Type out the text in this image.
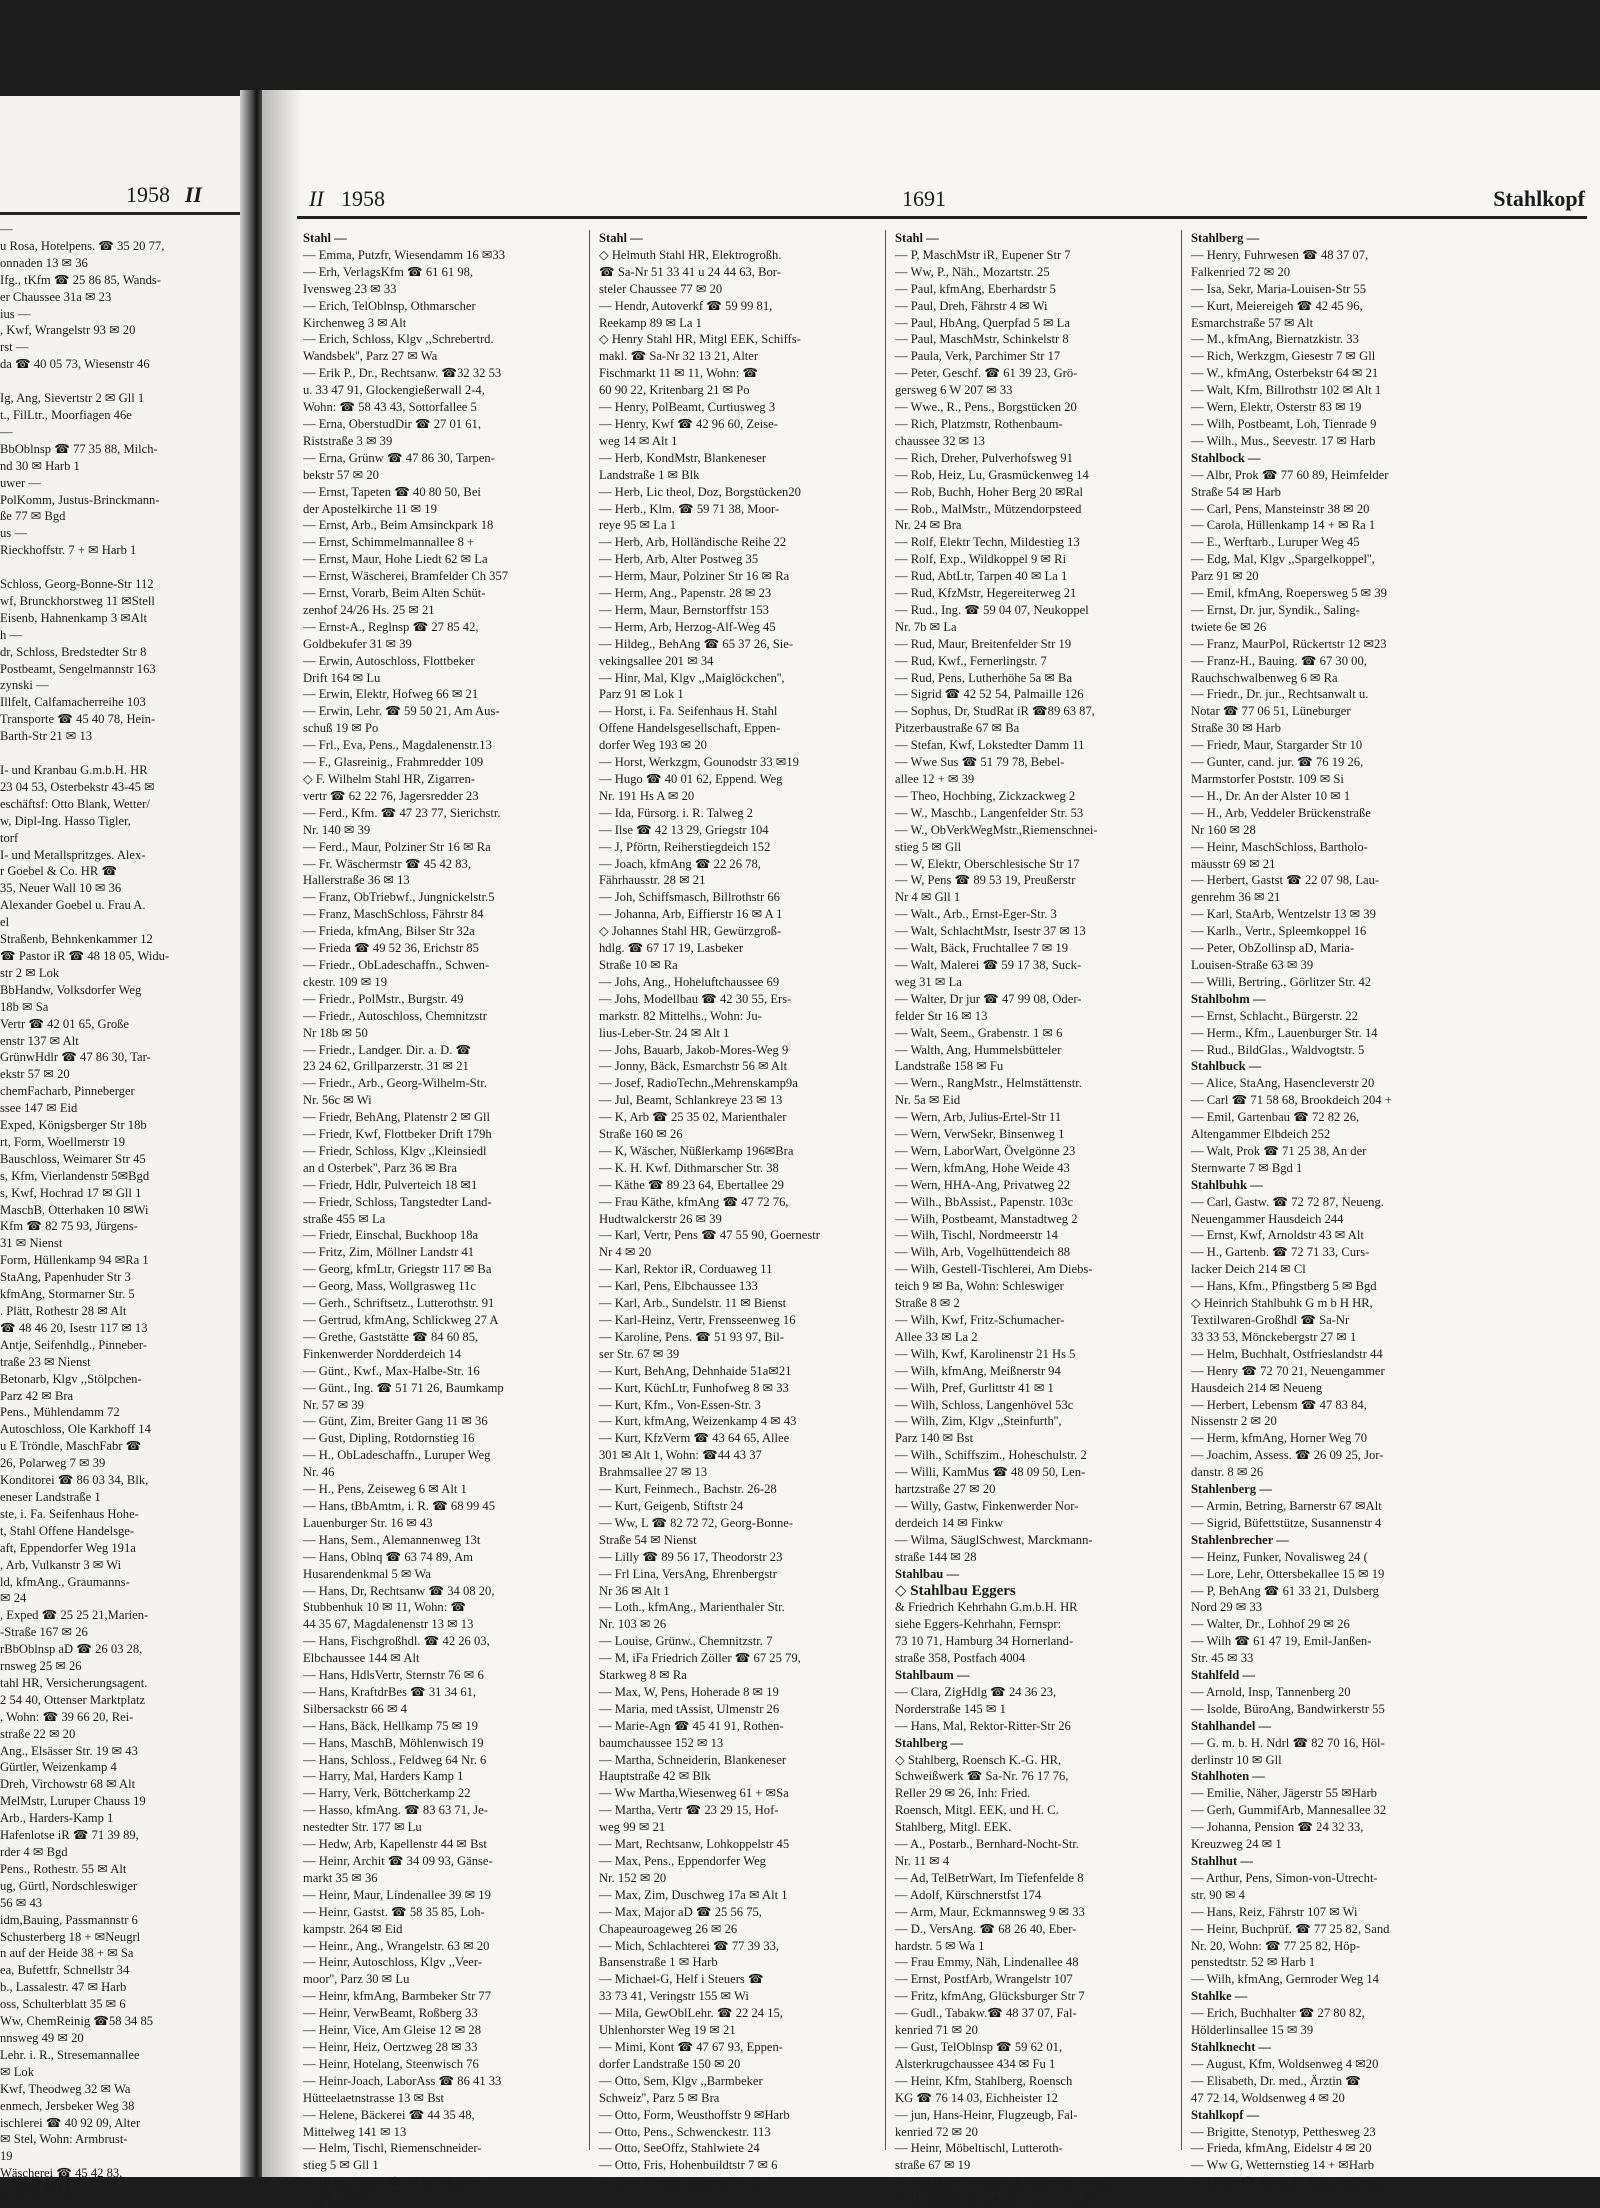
1958 II
—
u Rosa, Hotelpens. ☎ 35 20 77,
onnaden 13 ✉ 36
Ifg., tKfm ☎ 25 86 85, Wands-
er Chaussee 31a ✉ 23
ius —
, Kwf, Wrangelstr 93 ✉ 20
rst —
da ☎ 40 05 73, Wiesenstr 46

Ig, Ang, Sievertstr 2 ✉ Gll 1
t., FilLtr., Moorfiagen 46e
—
BbOblnsp ☎ 77 35 88, Milch-
nd 30 ✉ Harb 1
uwer —
PolKomm, Justus-Brinckmann-
ße 77 ✉ Bgd
us —
Rieckhoffstr. 7 + ✉ Harb 1

Schloss, Georg-Bonne-Str 112
wf, Brunckhorstweg 11 ✉Stell
Eisenb, Hahnenkamp 3 ✉Alt
h —
dr, Schloss, Bredstedter Str 8
Postbeamt, Sengelmannstr 163
zynski —
Illfelt, Calfamacherreihe 103
Transporte ☎ 45 40 78, Hein-
Barth-Str 21 ✉ 13

I- und Kranbau G.m.b.H. HR
23 04 53, Osterbekstr 43-45 ✉
eschäftsf: Otto Blank, Wetter/
w, Dipl-Ing. Hasso Tigler,
torf
I- und Metallspritzges. Alex-
r Goebel & Co. HR ☎
35, Neuer Wall 10 ✉ 36
Alexander Goebel u. Frau A.
el
Straßenb, Behnkenkammer 12
☎ Pastor iR ☎ 48 18 05, Widu-
str 2 ✉ Lok
BbHandw, Volksdorfer Weg
18b ✉ Sa
Vertr ☎ 42 01 65, Große
enstr 137 ✉ Alt
GrünwHdlr ☎ 47 86 30, Tar-
ekstr 57 ✉ 20
chemFacharb, Pinneberger
ssee 147 ✉ Eid
Exped, Königsberger Str 18b
rt, Form, Woellmerstr 19
Bauschloss, Weimarer Str 45
s, Kfm, Vierlandenstr 5✉Bgd
s, Kwf, Hochrad 17 ✉ Gll 1
MaschB, Otterhaken 10 ✉Wi
Kfm ☎ 82 75 93, Jürgens-
31 ✉ Nienst
Form, Hüllenkamp 94 ✉Ra 1
StaAng, Papenhuder Str 3
kfmAng, Stormarner Str. 5
. Plätt, Rothestr 28 ✉ Alt
☎ 48 46 20, Isestr 117 ✉ 13
Antje, Seifenhdlg., Pinneber-
traße 23 ✉ Nienst
Betonarb, Klgv ,,Stölpchen-
Parz 42 ✉ Bra
Pens., Mühlendamm 72
Autoschloss, Ole Karkhoff 14
u E Tröndle, MaschFabr ☎
26, Polarweg 7 ✉ 39
Konditorei ☎ 86 03 34, Blk,
eneser Landstraße 1
ste, i. Fa. Seifenhaus Hohe-
t, Stahl Offene Handelsge-
aft, Eppendorfer Weg 191a
, Arb, Vulkanstr 3 ✉ Wi
ld, kfmAng., Graumanns-
✉ 24
, Exped ☎ 25 25 21,Marien-
-Straße 167 ✉ 26
rBbOblnsp aD ☎ 26 03 28,
rnsweg 25 ✉ 26
tahl HR, Versicherungsagent.
2 54 40, Ottenser Marktplatz
, Wohn: ☎ 39 66 20, Rei-
straße 22 ✉ 20
Ang., Elsässer Str. 19 ✉ 43
Gürtler, Weizenkamp 4
Dreh, Virchowstr 68 ✉ Alt
MelMstr, Luruper Chauss 19
Arb., Harders-Kamp 1
Hafenlotse iR ☎ 71 39 89,
rder 4 ✉ Bgd
Pens., Rothestr. 55 ✉ Alt
ug, Gürtl, Nordschleswiger
56 ✉ 43
idm,Bauing, Passmannstr 6
Schusterberg 18 + ✉Neugrl
n auf der Heide 38 + ✉ Sa
ea, Bufettfr, Schnellstr 34
b., Lassalestr. 47 ✉ Harb
oss, Schulterblatt 35 ✉ 6
Ww, ChemReinig ☎58 34 85
nnsweg 49 ✉ 20
Lehr. i. R., Stresemannallee
✉ Lok
Kwf, Theodweg 32 ✉ Wa
enmech, Jersbeker Weg 38
ischlerei ☎ 40 92 09, Alter
✉ Stel, Wohn: Armbrust-
19
Wäscherei ☎ 45 42 83,
traße 36 ✉ 13
II 1958	1691	Stahlkopf
Stahl —
— Emma, Putzfr, Wiesendamm 16 ✉33
— Erh, VerlagsKfm ☎ 61 61 98,
Ivensweg 23 ✉ 33
— Erich, TelOblnsp, Othmarscher
Kirchenweg 3 ✉ Alt
— Erich, Schloss, Klgv ,,Schrebertrd.
Wandsbek'', Parz 27 ✉ Wa
— Erik P., Dr., Rechtsanw. ☎32 32 53
u. 33 47 91, Glockengießerwall 2-4,
Wohn: ☎ 58 43 43, Sottorfallee 5
— Erna, OberstudDir ☎ 27 01 61,
Riststraße 3 ✉ 39
— Erna, Grünw ☎ 47 86 30, Tarpen-
bekstr 57 ✉ 20
— Ernst, Tapeten ☎ 40 80 50, Bei
der Apostelkirche 11 ✉ 19
— Ernst, Arb., Beim Amsinckpark 18
— Ernst, Schimmelmannallee 8 +
— Ernst, Maur, Hohe Liedt 62 ✉ La
— Ernst, Wäscherei, Bramfelder Ch 357
— Ernst, Vorarb, Beim Alten Schüt-
zenhof 24/26 Hs. 25 ✉ 21
— Ernst-A., Reglnsp ☎ 27 85 42,
Goldbekufer 31 ✉ 39
— Erwin, Autoschloss, Flottbeker
Drift 164 ✉ Lu
— Erwin, Elektr, Hofweg 66 ✉ 21
— Erwin, Lehr. ☎ 59 50 21, Am Aus-
schuß 19 ✉ Po
— Frl., Eva, Pens., Magdalenenstr.13
— F., Glasreinig., Frahmredder 109
◇ F. Wilhelm Stahl HR, Zigarren-
vertr ☎ 62 22 76, Jagersredder 23
— Ferd., Kfm. ☎ 47 23 77, Sierichstr.
Nr. 140 ✉ 39
— Ferd., Maur, Polziner Str 16 ✉ Ra
— Fr. Wäschermstr ☎ 45 42 83,
Hallerstraße 36 ✉ 13
— Franz, ObTriebwf., Jungnickelstr.5
— Franz, MaschSchloss, Fährstr 84
— Frieda, kfmAng, Bilser Str 32a
— Frieda ☎ 49 52 36, Erichstr 85
— Friedr., ObLadeschaffn., Schwen-
ckestr. 109 ✉ 19
— Friedr., PolMstr., Burgstr. 49
— Friedr., Autoschloss, Chemnitzstr
Nr 18b ✉ 50
— Friedr., Landger. Dir. a. D. ☎
23 24 62, Grillparzerstr. 31 ✉ 21
— Friedr., Arb., Georg-Wilhelm-Str.
Nr. 56c ✉ Wi
— Friedr, BehAng, Platenstr 2 ✉ Gll
— Friedr, Kwf, Flottbeker Drift 179h
— Friedr, Schloss, Klgv ,,Kleinsiedl
an d Osterbek'', Parz 36 ✉ Bra
— Friedr, Hdlr, Pulverteich 18 ✉1
— Friedr, Schloss, Tangstedter Land-
straße 455 ✉ La
— Friedr, Einschal, Buckhoop 18a
— Fritz, Zim, Möllner Landstr 41
— Georg, kfmLtr, Griegstr 117 ✉ Ba
— Georg, Mass, Wollgrasweg 11c
— Gerh., Schriftsetz., Lutterothstr. 91
— Gertrud, kfmAng, Schlickweg 27 A
— Grethe, Gaststätte ☎ 84 60 85,
Finkenwerder Nordderdeich 14
— Günt., Kwf., Max-Halbe-Str. 16
— Günt., Ing. ☎ 51 71 26, Baumkamp
Nr. 57 ✉ 39
— Günt, Zim, Breiter Gang 11 ✉ 36
— Gust, Dipling, Rotdornstieg 16
— H., ObLadeschaffn., Luruper Weg
Nr. 46
— H., Pens, Zeiseweg 6 ✉ Alt 1
— Hans, tBbAmtm, i. R. ☎ 68 99 45
Lauenburger Str. 16 ✉ 43
— Hans, Sem., Alemannenweg 13t
— Hans, Oblnq ☎ 63 74 89, Am
Husarendenkmal 5 ✉ Wa
— Hans, Dr, Rechtsanw ☎ 34 08 20,
Stubbenhuk 10 ✉ 11, Wohn: ☎
44 35 67, Magdalenenstr 13 ✉ 13
— Hans, Fischgroßhdl. ☎ 42 26 03,
Elbchaussee 144 ✉ Alt
— Hans, HdlsVertr, Sternstr 76 ✉ 6
— Hans, KraftdrBes ☎ 31 34 61,
Silbersackstr 66 ✉ 4
— Hans, Bäck, Hellkamp 75 ✉ 19
— Hans, MaschB, Möhlenwisch 19
— Hans, Schloss., Feldweg 64 Nr. 6
— Harry, Mal, Harders Kamp 1
— Harry, Verk, Böttcherkamp 22
— Hasso, kfmAng. ☎ 83 63 71, Je-
nestedter Str. 177 ✉ Lu
— Hedw, Arb, Kapellenstr 44 ✉ Bst
— Heinr, Archit ☎ 34 09 93, Gänse-
markt 35 ✉ 36
— Heinr, Maur, Lindenallee 39 ✉ 19
— Heinr, Gastst. ☎ 58 35 85, Loh-
kampstr. 264 ✉ Eid
— Heinr., Ang., Wrangelstr. 63 ✉ 20
— Heinr, Autoschloss, Klgv ,,Veer-
moor'', Parz 30 ✉ Lu
— Heinr, kfmAng, Barmbeker Str 77
— Heinr, VerwBeamt, Roßberg 33
— Heinr, Vice, Am Gleise 12 ✉ 28
— Heinr, Heiz, Oertzweg 28 ✉ 33
— Heinr, Hotelang, Steenwisch 76
— Heinr-Joach, LaborAss ☎ 86 41 33
Hütteelaetnstrasse 13 ✉ Bst
— Helene, Bäckerei ☎ 44 35 48,
Mittelweg 141 ✉ 13
— Helm, Tischl, Riemenschneider-
stieg 5 ✉ Gll 1
— Helm, Tischl ☎ 47 82 34, Rain-
weg 6 ✉ 20
Stahl —
◇ Helmuth Stahl HR, Elektrogroßh.
☎ Sa-Nr 51 33 41 u 24 44 63, Bor-
steler Chaussee 77 ✉ 20
— Hendr, Autoverkf ☎ 59 99 81,
Reekamp 89 ✉ La 1
◇ Henry Stahl HR, Mitgl EEK, Schiffs-
makl. ☎ Sa-Nr 32 13 21, Alter
Fischmarkt 11 ✉ 11, Wohn: ☎
60 90 22, Kritenbarg 21 ✉ Po
— Henry, PolBeamt, Curtiusweg 3
— Henry, Kwf ☎ 42 96 60, Zeise-
weg 14 ✉ Alt 1
— Herb, KondMstr, Blankeneser
Landstraße 1 ✉ Blk
— Herb, Lic theol, Doz, Borgstücken20
— Herb., Klm. ☎ 59 71 38, Moor-
reye 95 ✉ La 1
— Herb, Arb, Holländische Reihe 22
— Herb, Arb, Alter Postweg 35
— Herm, Maur, Polziner Str 16 ✉ Ra
— Herm, Ang., Papenstr. 28 ✉ 23
— Herm, Maur, Bernstorffstr 153
— Herm, Arb, Herzog-Alf-Weg 45
— Hildeg., BehAng ☎ 65 37 26, Sie-
vekingsallee 201 ✉ 34
— Hinr, Mal, Klgv ,,Maiglöckchen'',
Parz 91 ✉ Lok 1
— Horst, i. Fa. Seifenhaus H. Stahl
Offene Handelsgesellschaft, Eppen-
dorfer Weg 193 ✉ 20
— Horst, Werkzgm, Gounodstr 33 ✉19
— Hugo ☎ 40 01 62, Eppend. Weg
Nr. 191 Hs A ✉ 20
— Ida, Fürsorg. i. R. Talweg 2
— Ilse ☎ 42 13 29, Griegstr 104
— J, Pförtn, Reiherstiegdeich 152
— Joach, kfmAng ☎ 22 26 78,
Fährhausstr. 28 ✉ 21
— Joh, Schiffsmasch, Billrothstr 66
— Johanna, Arb, Eiffierstr 16 ✉ A 1
◇ Johannes Stahl HR, Gewürzgroß-
hdlg. ☎ 67 17 19, Lasbeker
Straße 10 ✉ Ra
— Johs, Ang., Hoheluftchaussee 69
— Johs, Modellbau ☎ 42 30 55, Ers-
markstr. 82 Mittelhs., Wohn: Ju-
lius-Leber-Str. 24 ✉ Alt 1
— Johs, Bauarb, Jakob-Mores-Weg 9
— Jonny, Bäck, Esmarchstr 56 ✉ Alt
— Josef, RadioTechn.,Mehrenskamp9a
— Jul, Beamt, Schlankreye 23 ✉ 13
— K, Arb ☎ 25 35 02, Marienthaler
Straße 160 ✉ 26
— K, Wäscher, Nüßlerkamp 196✉Bra
— K. H. Kwf. Dithmarscher Str. 38
— Käthe ☎ 89 23 64, Ebertallee 29
— Frau Käthe, kfmAng ☎ 47 72 76,
Hudtwalckerstr 26 ✉ 39
— Karl, Vertr, Pens ☎ 47 55 90, Goernestr
Nr 4 ✉ 20
— Karl, Rektor iR, Corduaweg 11
— Karl, Pens, Elbchaussee 133
— Karl, Arb., Sundelstr. 11 ✉ Bienst
— Karl-Heinz, Vertr, Frensseenweg 16
— Karoline, Pens. ☎ 51 93 97, Bil-
ser Str. 67 ✉ 39
— Kurt, BehAng, Dehnhaide 51a✉21
— Kurt, KüchLtr, Funhofweg 8 ✉ 33
— Kurt, Kfm., Von-Essen-Str. 3
— Kurt, kfmAng, Weizenkamp 4 ✉ 43
— Kurt, KfzVerm ☎ 43 64 65, Allee
301 ✉ Alt 1, Wohn: ☎44 43 37
Brahmsallee 27 ✉ 13
— Kurt, Feinmech., Bachstr. 26-28
— Kurt, Geigenb, Stiftstr 24
— Ww, L ☎ 82 72 72, Georg-Bonne-
Straße 54 ✉ Nienst
— Lilly ☎ 89 56 17, Theodorstr 23
— Frl Lina, VersAng, Ehrenbergstr
Nr 36 ✉ Alt 1
— Loth., kfmAng., Marienthaler Str.
Nr. 103 ✉ 26
— Louise, Grünw., Chemnitzstr. 7
— M, iFa Friedrich Zöller ☎ 67 25 79,
Starkweg 8 ✉ Ra
— Max, W, Pens, Hoherade 8 ✉ 19
— Maria, med tAssist, Ulmenstr 26
— Marie-Agn ☎ 45 41 91, Rothen-
baumchaussee 152 ✉ 13
— Martha, Schneiderin, Blankeneser
Hauptstraße 42 ✉ Blk
— Ww Martha,Wiesenweg 61 + ✉Sa
— Martha, Vertr ☎ 23 29 15, Hof-
weg 99 ✉ 21
— Mart, Rechtsanw, Lohkoppelstr 45
— Max, Pens., Eppendorfer Weg
Nr. 152 ✉ 20
— Max, Zim, Duschweg 17a ✉ Alt 1
— Max, Major aD ☎ 25 56 75,
Chapeauroageweg 26 ✉ 26
— Mich, Schlachterei ☎ 77 39 33,
Bansenstraße 1 ✉ Harb
— Michael-G, Helf i Steuers ☎
33 73 41, Veringstr 155 ✉ Wi
— Mila, GewOblLehr. ☎ 22 24 15,
Uhlenhorster Weg 19 ✉ 21
— Mimi, Kont ☎ 47 67 93, Eppen-
dorfer Landstraße 150 ✉ 20
— Otto, Sem, Klgv ,,Barmbeker
Schweiz'', Parz 5 ✉ Bra
— Otto, Form, Weusthoffstr 9 ✉Harb
— Otto, Pens., Schwenckestr. 113
— Otto, SeeOffz, Stahlwiete 24
— Otto, Fris, Hohenbuildtstr 7 ✉ 6
— Otto, Stauerv, Hoctenaustr 2 +
Stahl —
— P, MaschMstr iR, Eupener Str 7
— Ww, P., Näh., Mozartstr. 25
— Paul, kfmAng, Eberhardstr 5
— Paul, Dreh, Fährstr 4 ✉ Wi
— Paul, HbAng, Querpfad 5 ✉ La
— Paul, MaschMstr, Schinkelstr 8
— Paula, Verk, Parchimer Str 17
— Peter, Geschf. ☎ 61 39 23, Grö-
gersweg 6 W 207 ✉ 33
— Wwe., R., Pens., Borgstücken 20
— Rich, Platzmstr, Rothenbaum-
chaussee 32 ✉ 13
— Rich, Dreher, Pulverhofsweg 91
— Rob, Heiz, Lu, Grasmückenweg 14
— Rob, Buchh, Hoher Berg 20 ✉Ral
— Rob., MalMstr., Mützendorpsteed
Nr. 24 ✉ Bra
— Rolf, Elektr Techn, Mildestieg 13
— Rolf, Exp., Wildkoppel 9 ✉ Ri
— Rud, AbtLtr, Tarpen 40 ✉ La 1
— Rud, KfzMstr, Hegereiterweg 21
— Rud., Ing. ☎ 59 04 07, Neukoppel
Nr. 7b ✉ La
— Rud, Maur, Breitenfelder Str 19
— Rud, Kwf., Fernerlingstr. 7
— Rud, Pens, Lutherhöhe 5a ✉ Ba
— Sigrid ☎ 42 52 54, Palmaille 126
— Sophus, Dr, StudRat iR ☎89 63 87,
Pitzerbaustraße 67 ✉ Ba
— Stefan, Kwf, Lokstedter Damm 11
— Wwe Sus ☎ 51 79 78, Bebel-
allee 12 + ✉ 39
— Theo, Hochbing, Zickzackweg 2
— W., Maschb., Langenfelder Str. 53
— W., ObVerkWegMstr.,Riemenschnei-
stieg 5 ✉ Gll
— W, Elektr, Oberschlesische Str 17
— W, Pens ☎ 89 53 19, Preußerstr
Nr 4 ✉ Gll 1
— Walt., Arb., Ernst-Eger-Str. 3
— Walt, SchlachtMstr, Isestr 37 ✉ 13
— Walt, Bäck, Fruchtallee 7 ✉ 19
— Walt, Malerei ☎ 59 17 38, Suck-
weg 31 ✉ La
— Walter, Dr jur ☎ 47 99 08, Oder-
felder Str 16 ✉ 13
— Walt, Seem., Grabenstr. 1 ✉ 6
— Walth, Ang, Hummelsbütteler
Landstraße 158 ✉ Fu
— Wern., RangMstr., Helmstättenstr.
Nr. 5a ✉ Eid
— Wern, Arb, Julius-Ertel-Str 11
— Wern, VerwSekr, Binsenweg 1
— Wern, LaborWart, Övelgönne 23
— Wern, kfmAng, Hohe Weide 43
— Wern, HHA-Ang, Privatweg 22
— Wilh., BbAssist., Papenstr. 103c
— Wilh, Postbeamt, Manstadtweg 2
— Wilh, Tischl, Nordmeerstr 14
— Wilh, Arb, Vogelhüttendeich 88
— Wilh, Gestell-Tischlerei, Am Diebs-
teich 9 ✉ Ba, Wohn: Schleswiger
Straße 8 ✉ 2
— Wilh, Kwf, Fritz-Schumacher-
Allee 33 ✉ La 2
— Wilh, Kwf, Karolinenstr 21 Hs 5
— Wilh, kfmAng, Meißnerstr 94
— Wilh, Pref, Gurlittstr 41 ✉ 1
— Wilh, Schloss, Langenhövel 53c
— Wilh, Zim, Klgv ,,Steinfurth'',
Parz 140 ✉ Bst
— Wilh., Schiffszim., Hoheschulstr. 2
— Willi, KamMus ☎ 48 09 50, Len-
hartzstraße 27 ✉ 20
— Willy, Gastw, Finkenwerder Nor-
derdeich 14 ✉ Finkw
— Wilma, SäuglSchwest, Marckmann-
straße 144 ✉ 28
Stahlbau —
◇ Stahlbau Eggers
& Friedrich Kehrhahn G.m.b.H. HR
siehe Eggers-Kehrhahn, Fernspr:
73 10 71, Hamburg 34 Hornerland-
straße 358, Postfach 4004
Stahlbaum —
— Clara, ZigHdlg ☎ 24 36 23,
Norderstraße 145 ✉ 1
— Hans, Mal, Rektor-Ritter-Str 26
Stahlberg —
◇ Stahlberg, Roensch K.-G. HR,
Schweißwerk ☎ Sa-Nr. 76 17 76,
Reller 29 ✉ 26, Inh: Fried.
Roensch, Mitgl. EEK, und H. C.
Stahlberg, Mitgl. EEK.
— A., Postarb., Bernhard-Nocht-Str.
Nr. 11 ✉ 4
— Ad, TelBetrWart, Im Tiefenfelde 8
— Adolf, Kürschnerstfst 174
— Arm, Maur, Eckmannsweg 9 ✉ 33
— D., VersAng. ☎ 68 26 40, Eber-
hardstr. 5 ✉ Wa 1
— Frau Emmy, Näh, Lindenallee 48
— Ernst, PostfArb, Wrangelstr 107
— Fritz, kfmAng, Glücksburger Str 7
— Gudl., Tabakw.☎ 48 37 07, Fal-
kenried 71 ✉ 20
— Gust, TelOblnsp ☎ 59 62 01,
Alsterkrugchaussee 434 ✉ Fu 1
— Heinr, Kfm, Stahlberg, Roensch
KG ☎ 76 14 03, Eichheister 12
— jun, Hans-Heinr, Flugzeugb, Fal-
kenried 72 ✉ 20
— Heinr, Möbeltischl, Lutteroth-
straße 67 ✉ 19
— jun, Heinr, kfmAng, Eidelstedter Weg 2
— Heinr, ElSchweiß., Sudermannstr. 6
Stahlberg —
— Henry, Fuhrwesen ☎ 48 37 07,
Falkenried 72 ✉ 20
— Isa, Sekr, Maria-Louisen-Str 55
— Kurt, Meiereigeh ☎ 42 45 96,
Esmarchstraße 57 ✉ Alt
— M., kfmAng, Biernatzkistr. 33
— Rich, Werkzgm, Giesestr 7 ✉ Gll
— W., kfmAng, Osterbekstr 64 ✉ 21
— Walt, Kfm, Billrothstr 102 ✉ Alt 1
— Wern, Elektr, Osterstr 83 ✉ 19
— Wilh, Postbeamt, Loh, Tienrade 9
— Wilh., Mus., Seevestr. 17 ✉ Harb
Stahlbock —
— Albr, Prok ☎ 77 60 89, Heimfelder
Straße 54 ✉ Harb
— Carl, Pens, Mansteinstr 38 ✉ 20
— Carola, Hüllenkamp 14 + ✉ Ra 1
— E., Werftarb., Luruper Weg 45
— Edg, Mal, Klgv ,,Spargelkoppel'',
Parz 91 ✉ 20
— Emil, kfmAng, Roepersweg 5 ✉ 39
— Ernst, Dr. jur, Syndik., Saling-
twiete 6e ✉ 26
— Franz, MaurPol, Rückertstr 12 ✉23
— Franz-H., Bauing. ☎ 67 30 00,
Rauchschwalbenweg 6 ✉ Ra
— Friedr., Dr. jur., Rechtsanwalt u.
Notar ☎ 77 06 51, Lüneburger
Straße 30 ✉ Harb
— Friedr, Maur, Stargarder Str 10
— Gunter, cand. jur. ☎ 76 19 26,
Marmstorfer Poststr. 109 ✉ Si
— H., Dr. An der Alster 10 ✉ 1
— H., Arb, Veddeler Brückenstraße
Nr 160 ✉ 28
— Heinr, MaschSchloss, Bartholo-
mäusstr 69 ✉ 21
— Herbert, Gastst ☎ 22 07 98, Lau-
genrehm 36 ✉ 21
— Karl, StaArb, Wentzelstr 13 ✉ 39
— Karlh., Vertr., Spleemkoppel 16
— Peter, ObZollinsp aD, Maria-
Louisen-Straße 63 ✉ 39
— Willi, Bertring., Görlitzer Str. 42
Stahlbohm —
— Ernst, Schlacht., Bürgerstr. 22
— Herm., Kfm., Lauenburger Str. 14
— Rud., BildGlas., Waldvogtstr. 5
Stahlbuck —
— Alice, StaAng, Hasencleverstr 20
— Carl ☎ 71 58 68, Brookdeich 204 +
— Emil, Gartenbau ☎ 72 82 26,
Altengammer Elbdeich 252
— Walt, Prok ☎ 71 25 38, An der
Sternwarte 7 ✉ Bgd 1
Stahlbuhk —
— Carl, Gastw. ☎ 72 72 87, Neueng.
Neuengammer Hausdeich 244
— Ernst, Kwf, Arnoldstr 43 ✉ Alt
— H., Gartenb. ☎ 72 71 33, Curs-
lacker Deich 214 ✉ Cl
— Hans, Kfm., Pfingstberg 5 ✉ Bgd
◇ Heinrich Stahlbuhk G m b H HR,
Textilwaren-Großhdl ☎ Sa-Nr
33 33 53, Mönckebergstr 27 ✉ 1
— Helm, Buchhalt, Ostfrieslandstr 44
— Henry ☎ 72 70 21, Neuengammer
Hausdeich 214 ✉ Neueng
— Herbert, Lebensm ☎ 47 83 84,
Nissenstr 2 ✉ 20
— Herm, kfmAng, Horner Weg 70
— Joachim, Assess. ☎ 26 09 25, Jor-
danstr. 8 ✉ 26
Stahlenberg —
— Armin, Betring, Barnerstr 67 ✉Alt
— Sigrid, Büfettstütze, Susannenstr 4
Stahlenbrecher —
— Heinz, Funker, Novalisweg 24 (
— Lore, Lehr, Ottersbekallee 15 ✉ 19
— P, BehAng ☎ 61 33 21, Dulsberg
Nord 29 ✉ 33
— Walter, Dr., Lohhof 29 ✉ 26
— Wilh ☎ 61 47 19, Emil-Janßen-
Str. 45 ✉ 33
Stahlfeld —
— Arnold, Insp, Tannenberg 20
— Isolde, BüroAng, Bandwirkerstr 55
Stahlhandel —
— G. m. b. H. Ndrl ☎ 82 70 16, Höl-
derlinstr 10 ✉ Gll
Stahlhoten —
— Emilie, Näher, Jägerstr 55 ✉Harb
— Gerh, GummifArb, Mannesallee 32
— Johanna, Pension ☎ 24 32 33,
Kreuzweg 24 ✉ 1
Stahlhut —
— Arthur, Pens, Simon-von-Utrecht-
str. 90 ✉ 4
— Hans, Reiz, Fährstr 107 ✉ Wi
— Heinr, Buchprüf. ☎ 77 25 82, Sand
Nr. 20, Wohn: ☎ 77 25 82, Höp-
penstedtstr. 52 ✉ Harb 1
— Wilh, kfmAng, Gernroder Weg 14
Stahlke —
— Erich, Buchhalter ☎ 27 80 82,
Hölderlinsallee 15 ✉ 39
Stahlknecht —
— August, Kfm, Woldsenweg 4 ✉20
— Elisabeth, Dr. med., Ärztin ☎
47 72 14, Woldsenweg 4 ✉ 20
Stahlkopf —
— Brigitte, Stenotyp, Petthesweg 23
— Frieda, kfmAng, Eidelstr 4 ✉ 20
— Ww G, Wetternstieg 14 + ✉Harb
— Marie ☎ 48 16 37, Veilchenweg 21
